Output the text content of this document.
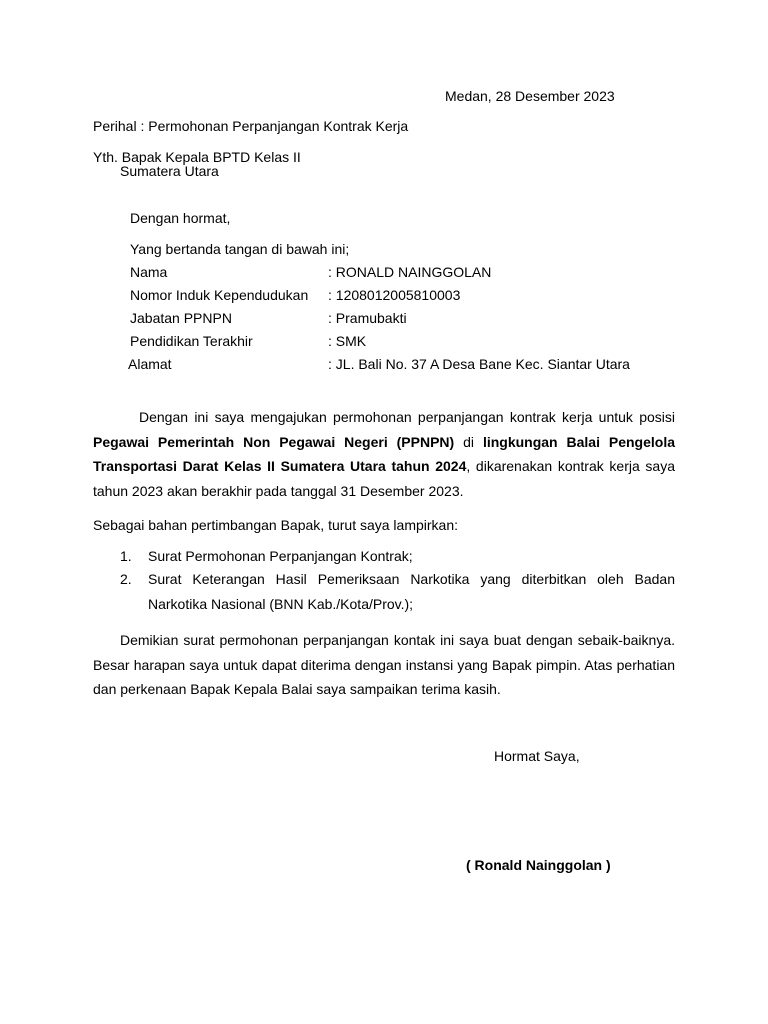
Medan, 28 Desember 2023
Perihal : Permohonan Perpanjangan Kontrak Kerja
Yth. Bapak Kepala BPTD Kelas II
Sumatera Utara
Dengan hormat,
Yang bertanda tangan di bawah ini;
Nama	: RONALD NAINGGOLAN
Nomor Induk Kependudukan : 1208012005810003
Jabatan PPNPN	: Pramubakti
Pendidikan Terakhir	: SMK
Alamat	: JL. Bali No. 37 A Desa Bane Kec. Siantar Utara
Dengan ini saya mengajukan permohonan perpanjangan kontrak kerja untuk posisi Pegawai Pemerintah Non Pegawai Negeri (PPNPN) di lingkungan Balai Pengelola Transportasi Darat Kelas II Sumatera Utara tahun 2024, dikarenakan kontrak kerja saya tahun 2023 akan berakhir pada tanggal 31 Desember 2023.
Sebagai bahan pertimbangan Bapak, turut saya lampirkan:
1. Surat Permohonan Perpanjangan Kontrak;
2. Surat Keterangan Hasil Pemeriksaan Narkotika yang diterbitkan oleh Badan Narkotika Nasional (BNN Kab./Kota/Prov.);
Demikian surat permohonan perpanjangan kontak ini saya buat dengan sebaik-baiknya. Besar harapan saya untuk dapat diterima dengan instansi yang Bapak pimpin. Atas perhatian dan perkenaan Bapak Kepala Balai saya sampaikan terima kasih.
Hormat Saya,
( Ronald Nainggolan )
